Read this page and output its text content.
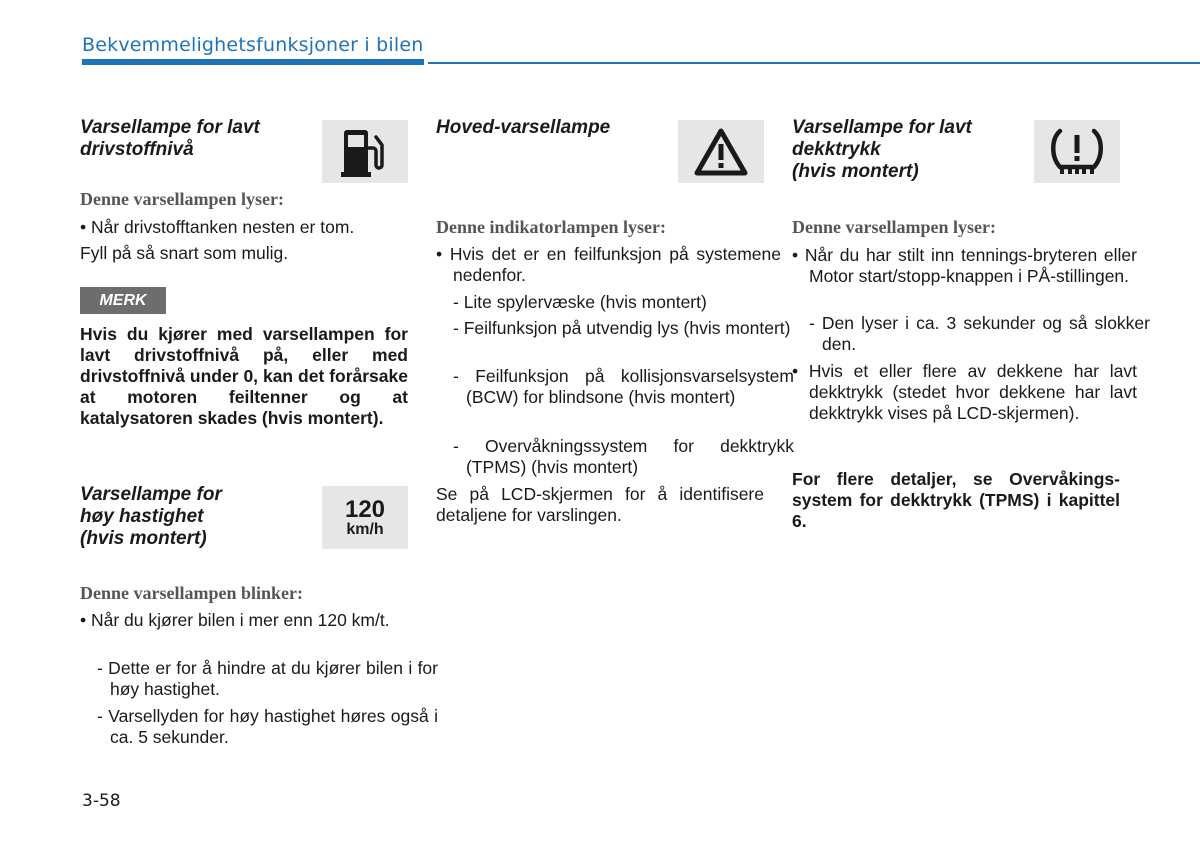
Bekvemmelighetsfunksjoner i bilen
Varsellampe for lavt
drivstoffnivå
Denne varsellampen lyser:
• Når drivstofftanken nesten er tom.
Fyll på så snart som mulig.
MERK
Hvis du kjører med varsellampen for lavt drivstoffnivå på, eller med drivstoffnivå under 0, kan det forårsake at motoren feiltenner og at katalysatoren skades (hvis montert).
Varsellampe for
høy hastighet
(hvis montert)
120
km/h
Denne varsellampen blinker:
• Når du kjører bilen i mer enn 120 km/t.
- Dette er for å hindre at du kjører bilen i for høy hastighet.
- Varsellyden for høy hastighet høres også i ca. 5 sekunder.
Hoved-varsellampe
Denne indikatorlampen lyser:
• Hvis det er en feilfunksjon på systemene nedenfor.
- Lite spylervæske (hvis montert)
- Feilfunksjon på utvendig lys (hvis montert)
- Feilfunksjon på kollisjonsvarselsystem (BCW) for blindsone (hvis montert)
- Overvåkningssystem for dekktrykk (TPMS) (hvis montert)
Se på LCD-skjermen for å identifisere detaljene for varslingen.
Varsellampe for lavt
dekktrykk
(hvis montert)
Denne varsellampen lyser:
• Når du har stilt inn tennings-bryteren eller Motor start/stopp-knappen i PÅ-stillingen.
- Den lyser i ca. 3 sekunder og så slokker den.
• Hvis et eller flere av dekkene har lavt dekktrykk (stedet hvor dekkene har lavt dekktrykk vises på LCD-skjermen).
For flere detaljer, se Overvåkings-system for dekktrykk (TPMS) i kapittel 6.
3-58
